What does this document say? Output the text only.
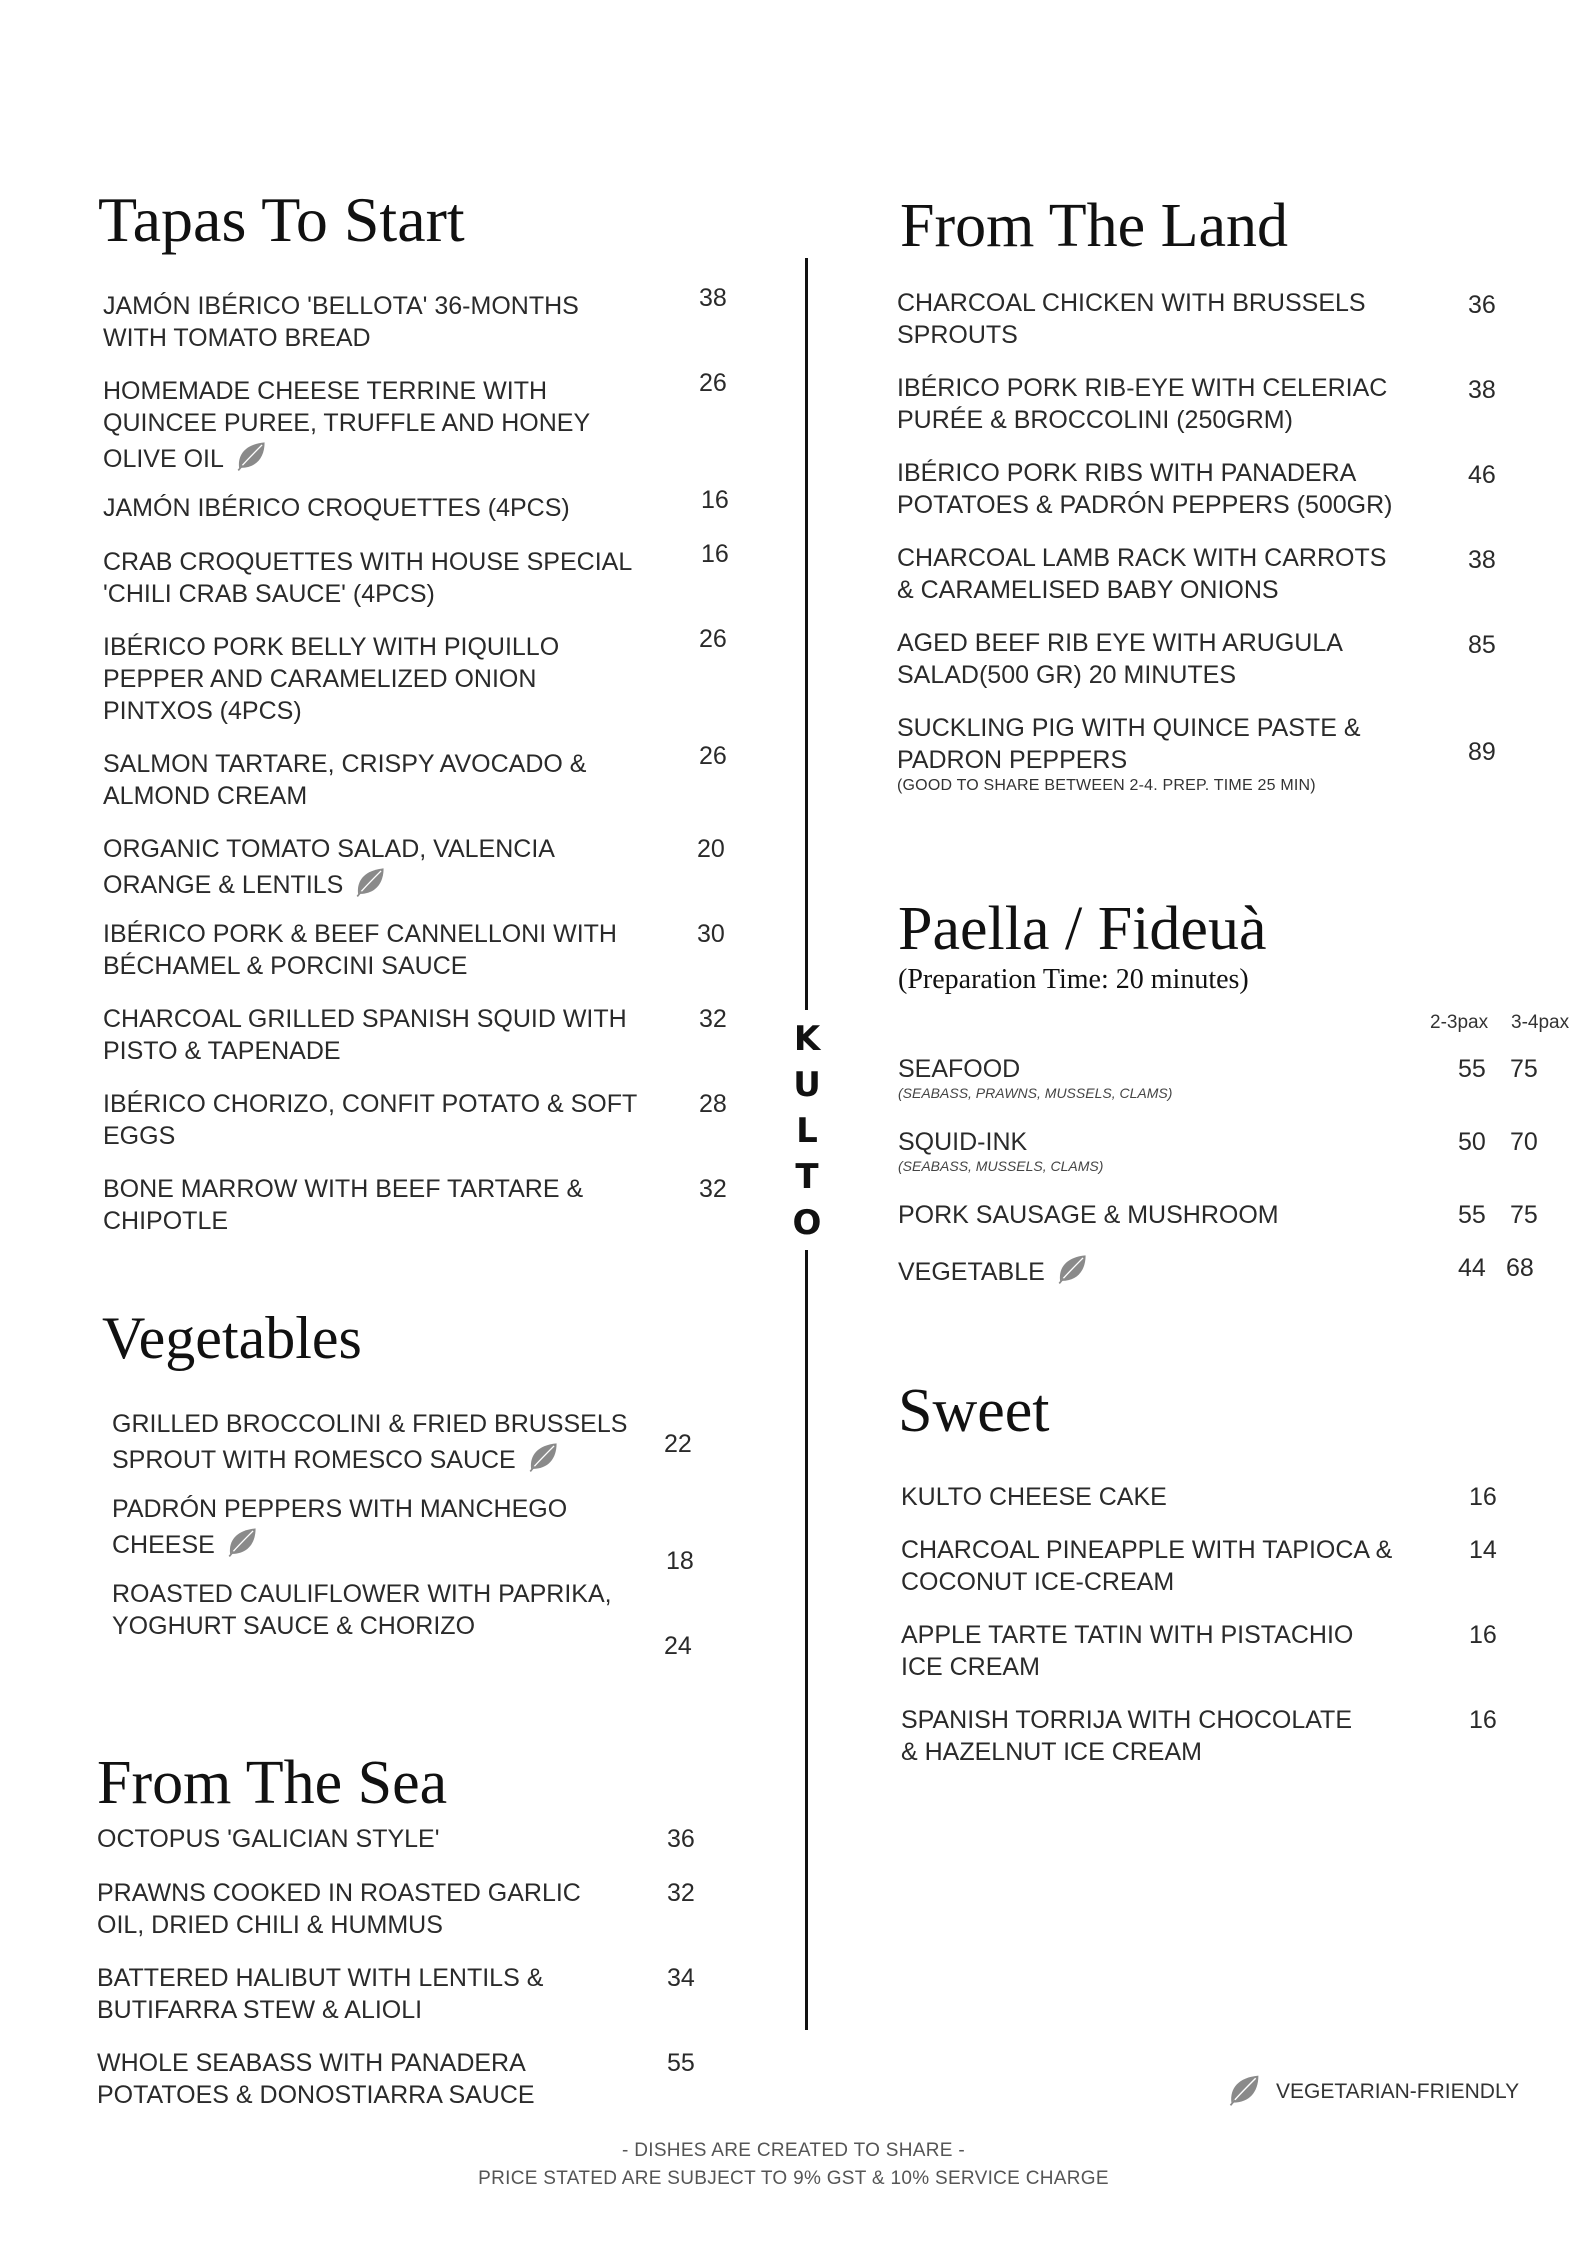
Tapas To Start
JAMÓN IBÉRICO 'BELLOTA' 36-MONTHS
WITH TOMATO BREAD
38
HOMEMADE CHEESE TERRINE WITH
QUINCEE PUREE, TRUFFLE AND HONEY
OLIVE OIL
26
JAMÓN IBÉRICO CROQUETTES (4PCS)	16
CRAB CROQUETTES WITH HOUSE SPECIAL
'CHILI CRAB SAUCE' (4PCS)
16
IBÉRICO PORK BELLY WITH PIQUILLO
PEPPER AND CARAMELIZED ONION
PINTXOS (4PCS)
26
SALMON TARTARE, CRISPY AVOCADO &
ALMOND CREAM
26
ORGANIC TOMATO SALAD, VALENCIA
ORANGE & LENTILS
20
IBÉRICO PORK & BEEF CANNELLONI WITH
BÉCHAMEL & PORCINI SAUCE
30
CHARCOAL GRILLED SPANISH SQUID WITH
PISTO & TAPENADE
32
IBÉRICO CHORIZO, CONFIT POTATO & SOFT
EGGS
28
BONE MARROW WITH BEEF TARTARE &
CHIPOTLE
32
Vegetables
GRILLED BROCCOLINI & FRIED BRUSSELS
SPROUT WITH ROMESCO SAUCE
22
PADRÓN PEPPERS WITH MANCHEGO
CHEESE
18
ROASTED CAULIFLOWER WITH PAPRIKA,
YOGHURT SAUCE & CHORIZO
24
From The Sea
OCTOPUS 'GALICIAN STYLE'	36
PRAWNS COOKED IN ROASTED GARLIC
OIL, DRIED CHILI & HUMMUS
32
BATTERED HALIBUT WITH LENTILS &
BUTIFARRA STEW & ALIOLI
34
WHOLE SEABASS WITH PANADERA
POTATOES & DONOSTIARRA SAUCE
55
K
U
L
T
O
From The Land
CHARCOAL CHICKEN WITH BRUSSELS
SPROUTS
36
IBÉRICO PORK RIB-EYE WITH CELERIAC
PURÉE & BROCCOLINI (250GRM)
38
IBÉRICO PORK RIBS WITH PANADERA
POTATOES & PADRÓN PEPPERS (500GR)
46
CHARCOAL LAMB RACK WITH CARROTS
& CARAMELISED BABY ONIONS
38
AGED BEEF RIB EYE WITH ARUGULA
SALAD(500 GR) 20 MINUTES
85
SUCKLING PIG WITH QUINCE PASTE &
PADRON PEPPERS
(GOOD TO SHARE BETWEEN 2-4. PREP. TIME 25 MIN)
89
Paella / Fideuà
(Preparation Time: 20 minutes)
2-3pax 3-4pax
SEAFOOD
(SEABASS, PRAWNS, MUSSELS, CLAMS)
55 75
SQUID-INK
(SEABASS, MUSSELS, CLAMS)
50 70
PORK SAUSAGE & MUSHROOM	55 75
VEGETABLE	44 68
Sweet
KULTO CHEESE CAKE	16
CHARCOAL PINEAPPLE WITH TAPIOCA &
COCONUT ICE-CREAM
14
APPLE TARTE TATIN WITH PISTACHIO
ICE CREAM
16
SPANISH TORRIJA WITH CHOCOLATE
& HAZELNUT ICE CREAM
16
VEGETARIAN-FRIENDLY
- DISHES ARE CREATED TO SHARE -
PRICE STATED ARE SUBJECT TO 9% GST & 10% SERVICE CHARGE
